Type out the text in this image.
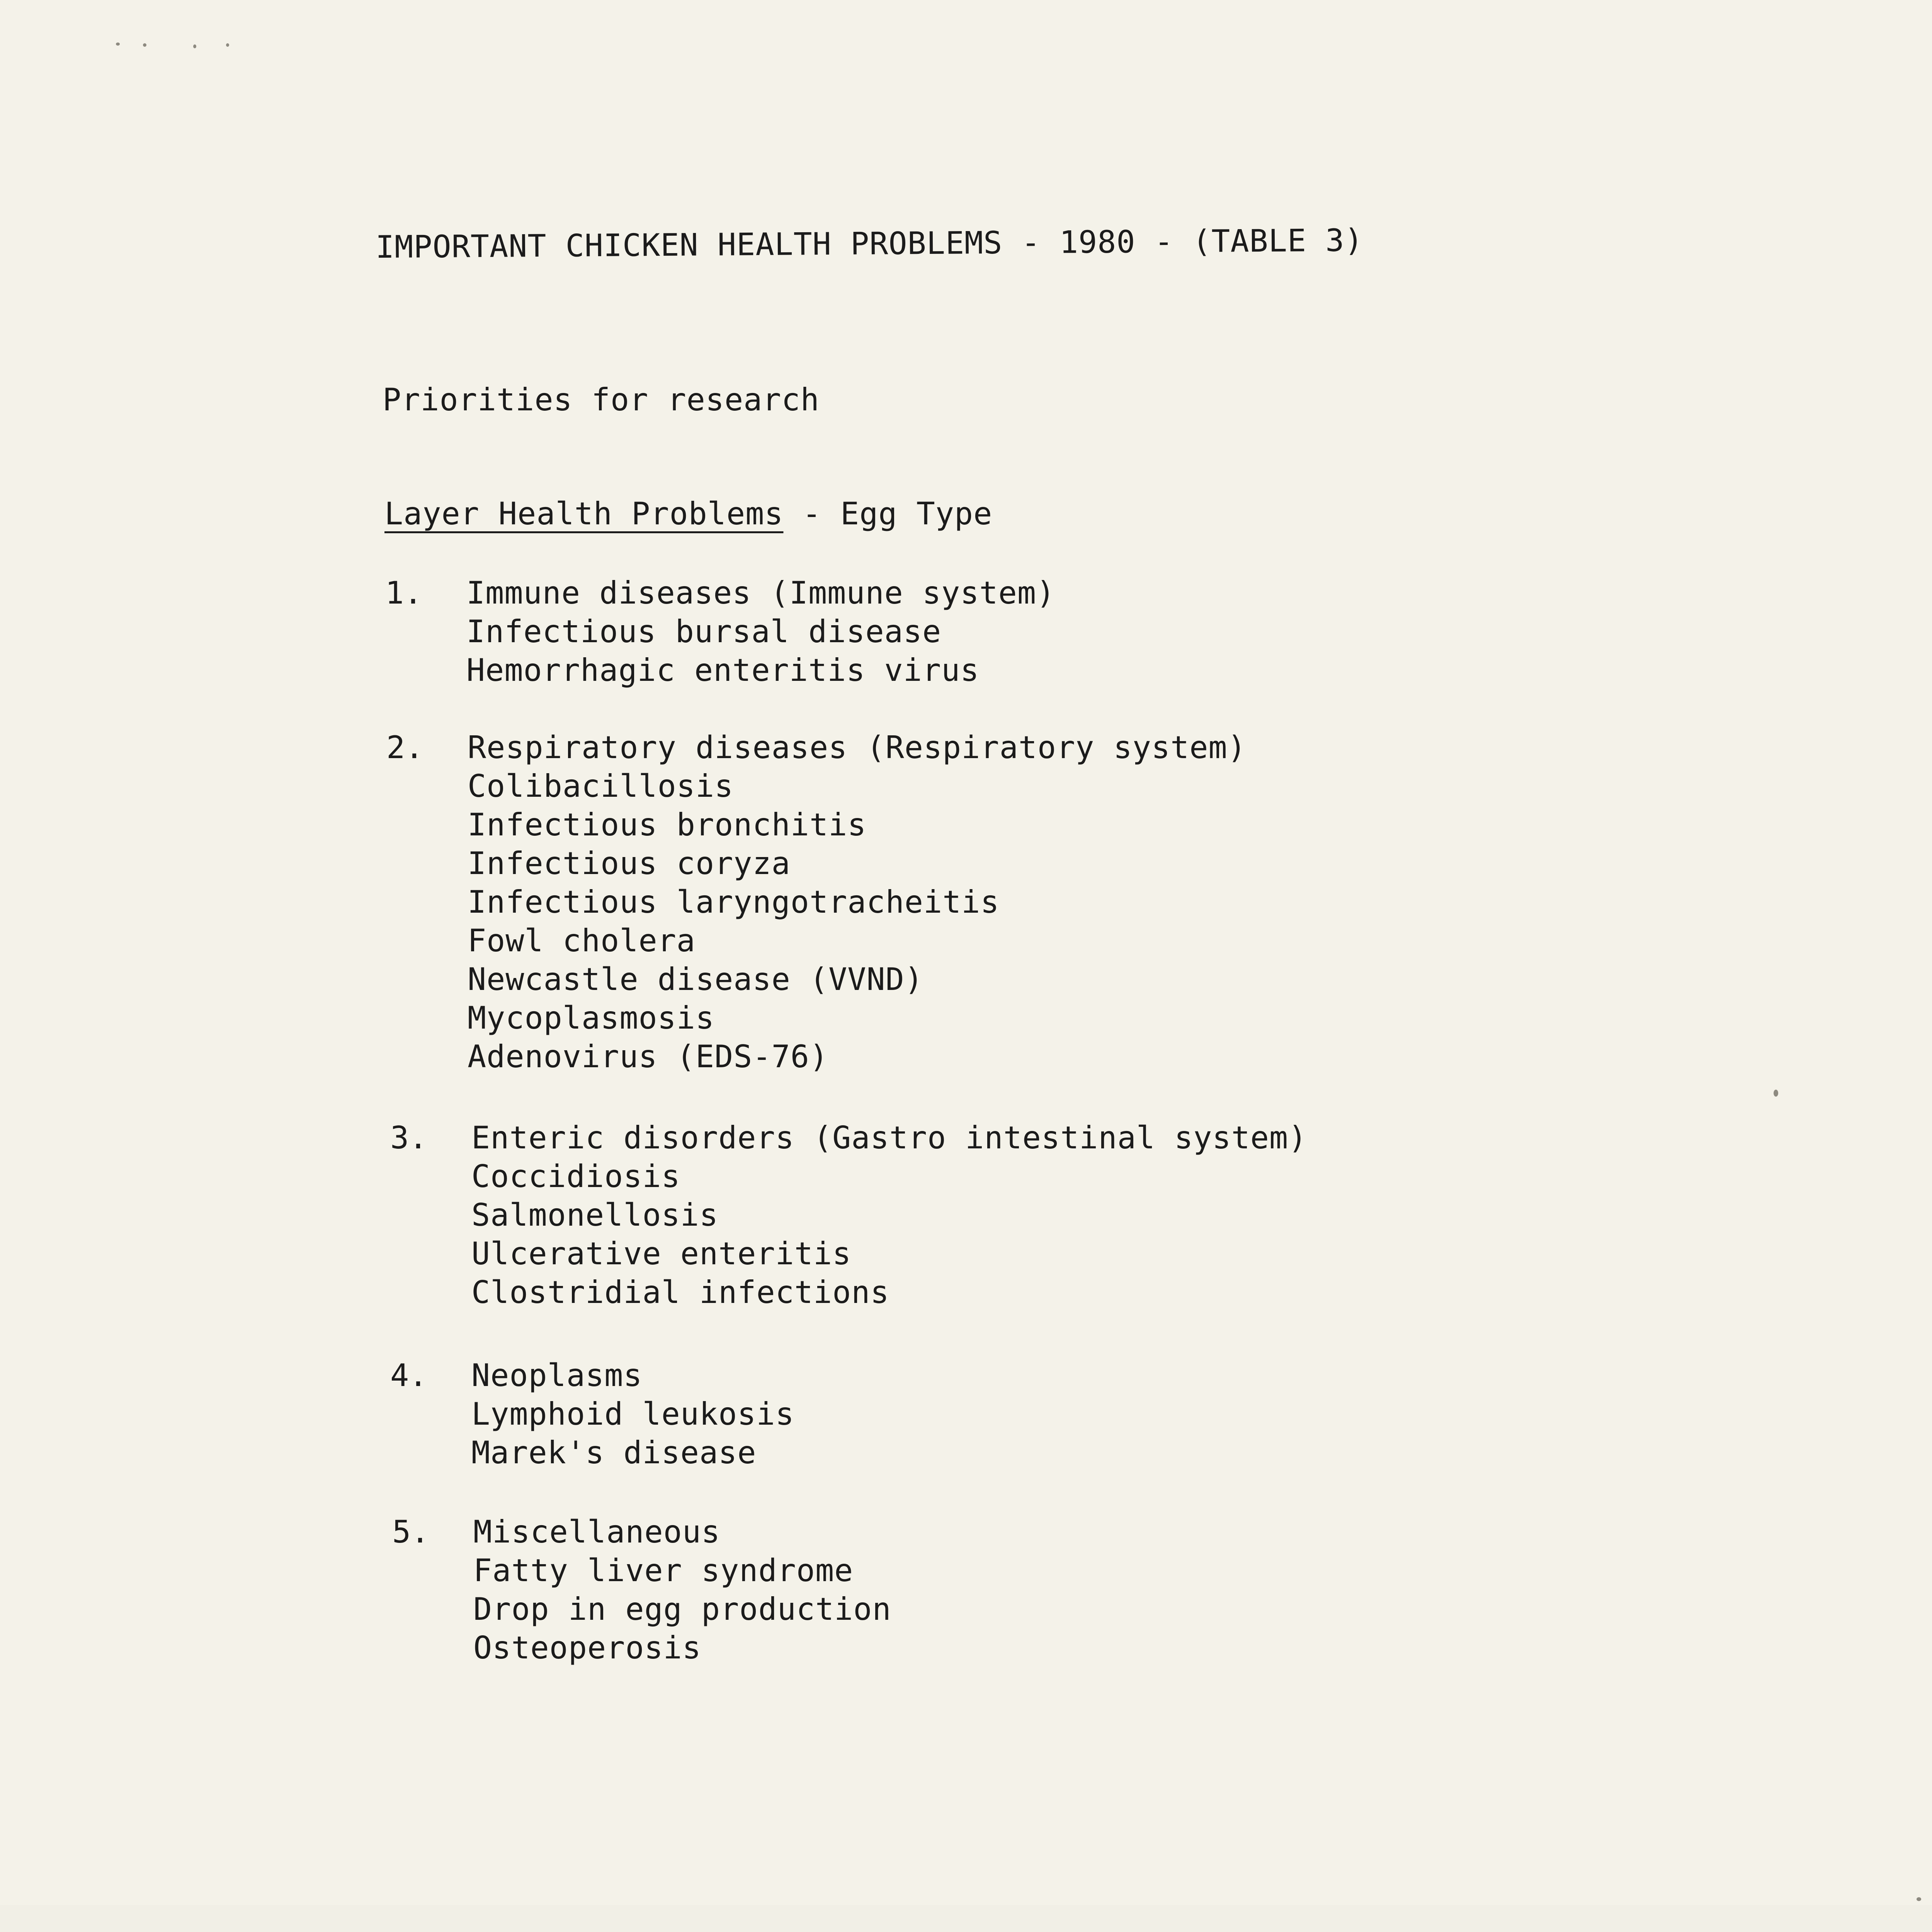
IMPORTANT CHICKEN HEALTH PROBLEMS - 1980 - (TABLE 3)
Priorities for research
Layer Health Problems - Egg Type
1. Immune diseases (Immune system)
Infectious bursal disease
Hemorrhagic enteritis virus
2. Respiratory diseases (Respiratory system)
Colibacillosis
Infectious bronchitis
Infectious coryza
Infectious laryngotracheitis
Fowl cholera
Newcastle disease (VVND)
Mycoplasmosis
Adenovirus (EDS-76)
3. Enteric disorders (Gastro intestinal system)
Coccidiosis
Salmonellosis
Ulcerative enteritis
Clostridial infections
4. Neoplasms
Lymphoid leukosis
Marek's disease
5. Miscellaneous
Fatty liver syndrome
Drop in egg production
Osteoperosis
